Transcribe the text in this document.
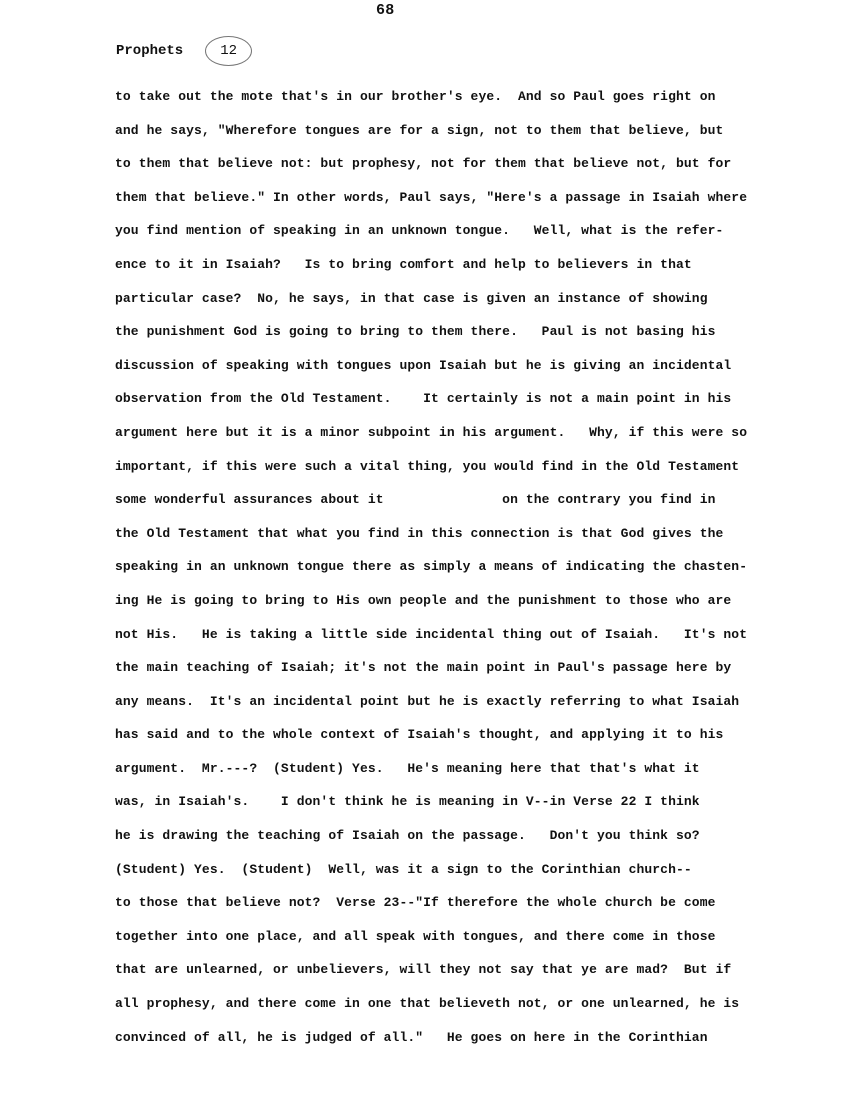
68
Prophets	12
to take out the mote that's in our brother's eye.  And so Paul goes right on
and he says, "Wherefore tongues are for a sign, not to them that believe, but
to them that believe not: but prophesy, not for them that believe not, but for
them that believe." In other words, Paul says, "Here's a passage in Isaiah where
you find mention of speaking in an unknown tongue.   Well, what is the refer-
ence to it in Isaiah?   Is to bring comfort and help to believers in that
particular case?  No, he says, in that case is given an instance of showing
the punishment God is going to bring to them there.   Paul is not basing his
discussion of speaking with tongues upon Isaiah but he is giving an incidental
observation from the Old Testament.    It certainly is not a main point in his
argument here but it is a minor subpoint in his argument.   Why, if this were so
important, if this were such a vital thing, you would find in the Old Testament
some wonderful assurances about it               on the contrary you find in
the Old Testament that what you find in this connection is that God gives the
speaking in an unknown tongue there as simply a means of indicating the chasten-
ing He is going to bring to His own people and the punishment to those who are
not His.   He is taking a little side incidental thing out of Isaiah.   It's not
the main teaching of Isaiah; it's not the main point in Paul's passage here by
any means.  It's an incidental point but he is exactly referring to what Isaiah
has said and to the whole context of Isaiah's thought, and applying it to his
argument.  Mr.---?  (Student) Yes.   He's meaning here that that's what it
was, in Isaiah's.    I don't think he is meaning in V--in Verse 22 I think
he is drawing the teaching of Isaiah on the passage.   Don't you think so?
(Student) Yes.  (Student)  Well, was it a sign to the Corinthian church--
to those that believe not?  Verse 23--"If therefore the whole church be come
together into one place, and all speak with tongues, and there come in those
that are unlearned, or unbelievers, will they not say that ye are mad?  But if
all prophesy, and there come in one that believeth not, or one unlearned, he is
convinced of all, he is judged of all."   He goes on here in the Corinthian
